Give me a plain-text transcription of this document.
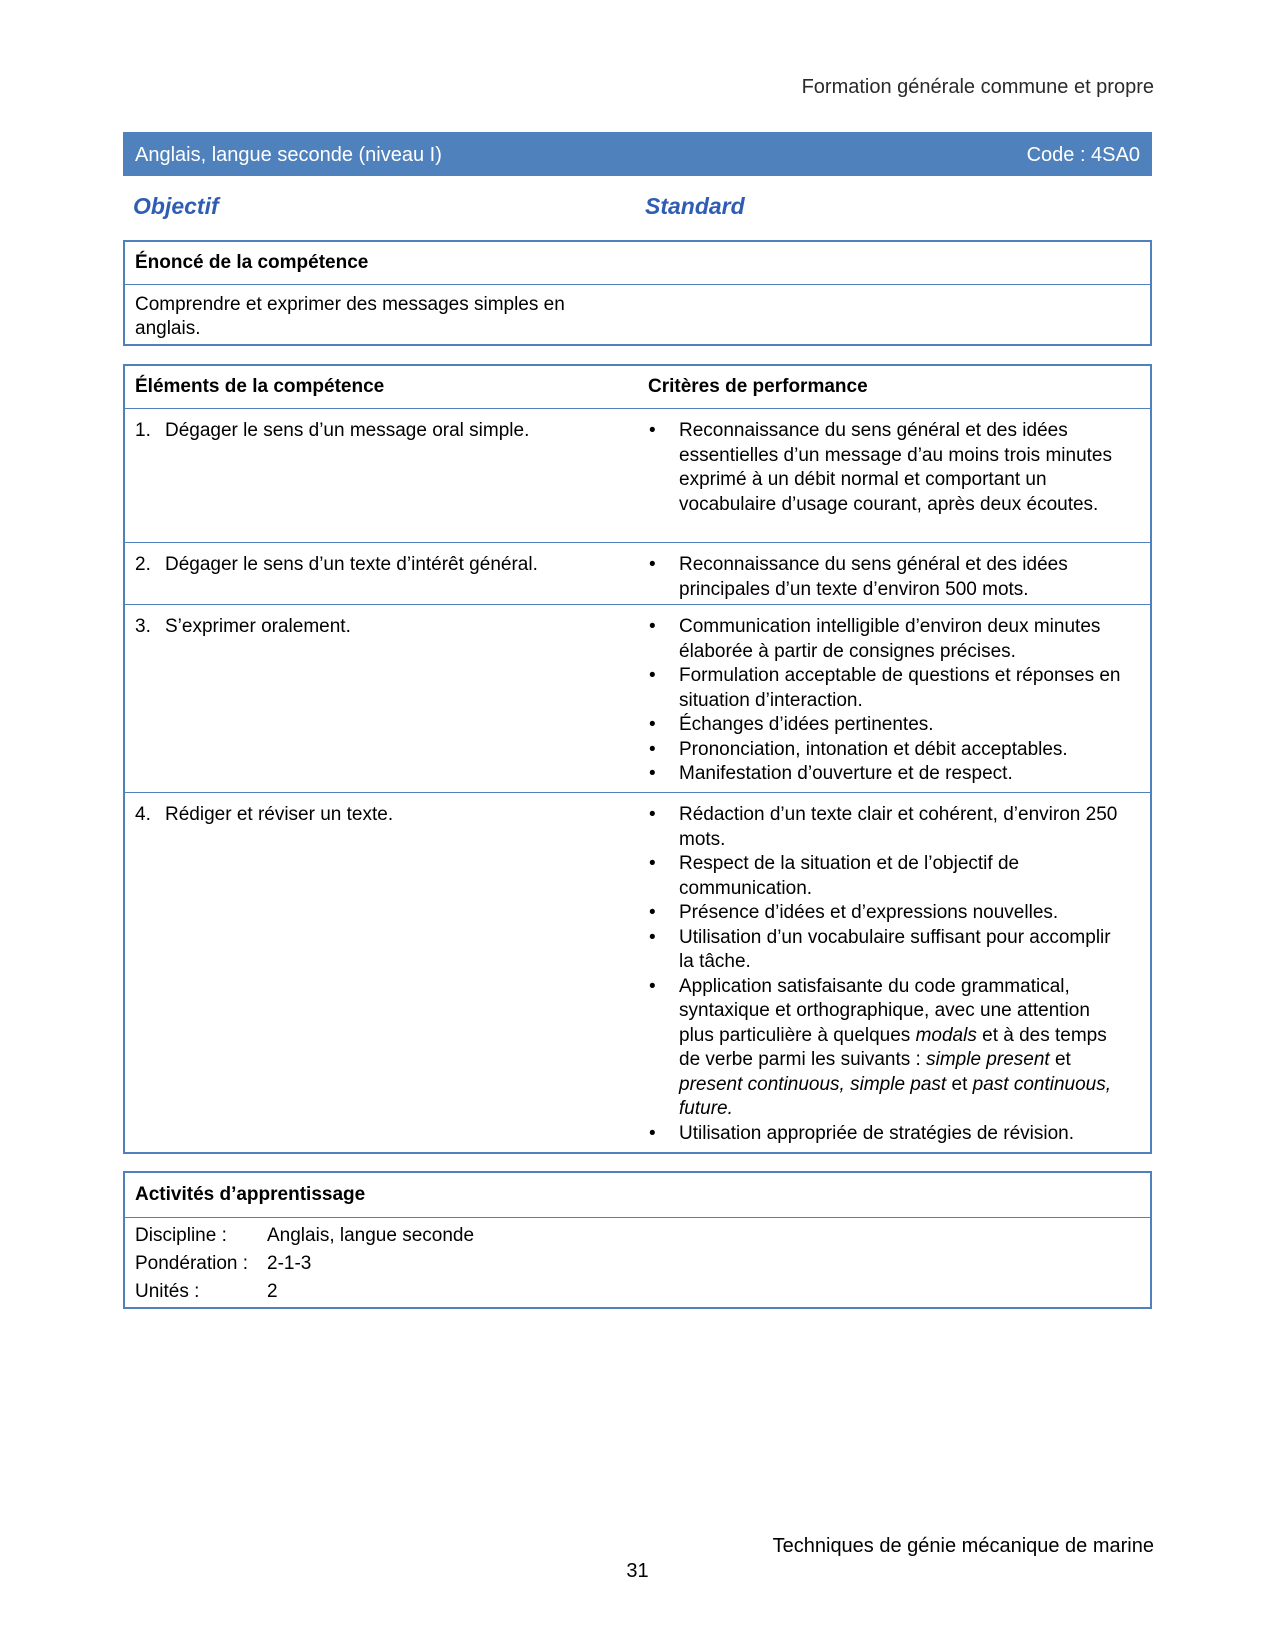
Formation générale commune et propre
Anglais, langue seconde (niveau I)	Code : 4SA0
Objectif	Standard
Énoncé de la compétence
Comprendre et exprimer des messages simples en anglais.
Éléments de la compétence	Critères de performance
1. Dégager le sens d’un message oral simple.	• Reconnaissance du sens général et des idées essentielles d’un message d’au moins trois minutes exprimé à un débit normal et comportant un vocabulaire d’usage courant, après deux écoutes.
2. Dégager le sens d’un texte d’intérêt général.	• Reconnaissance du sens général et des idées principales d’un texte d’environ 500 mots.
3. S’exprimer oralement.	• Communication intelligible d’environ deux minutes élaborée à partir de consignes précises.
• Formulation acceptable de questions et réponses en situation d’interaction.
• Échanges d’idées pertinentes.
• Prononciation, intonation et débit acceptables.
• Manifestation d’ouverture et de respect.
4. Rédiger et réviser un texte.	• Rédaction d’un texte clair et cohérent, d’environ 250 mots.
• Respect de la situation et de l’objectif de communication.
• Présence d’idées et d’expressions nouvelles.
• Utilisation d’un vocabulaire suffisant pour accomplir la tâche.
• Application satisfaisante du code grammatical, syntaxique et orthographique, avec une attention plus particulière à quelques modals et à des temps de verbe parmi les suivants : simple present et present continuous, simple past et past continuous, future.
• Utilisation appropriée de stratégies de révision.
Activités d’apprentissage
Discipline :	Anglais, langue seconde
Pondération : 2-1-3
Unités :	2
Techniques de génie mécanique de marine
31
